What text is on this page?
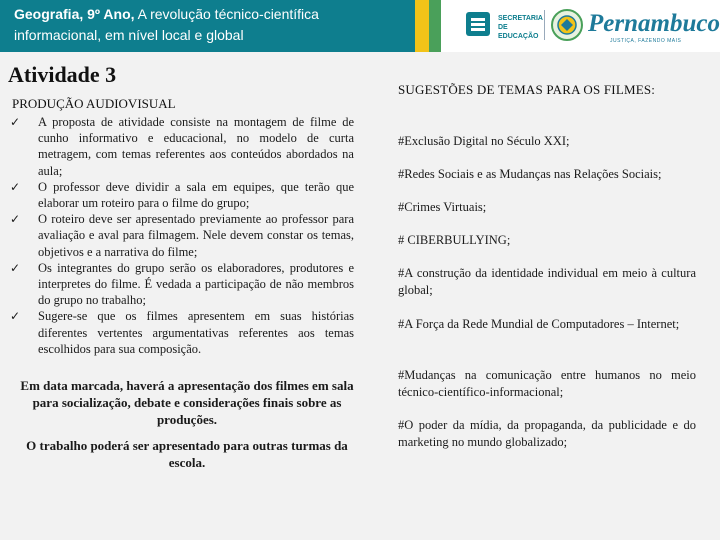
Geografia, 9º Ano, A revolução técnico-científica informacional, em nível local e global
SECRETARIA DE EDUCAÇÃO	Pernambuco
JUSTIÇA, FAZENDO MAIS
Atividade 3
PRODUÇÃO AUDIOVISUAL
✓ A proposta de atividade consiste na montagem de filme de cunho informativo e educacional, no modelo de curta metragem, com temas referentes aos conteúdos abordados na aula;
✓ O professor deve dividir a sala em equipes, que terão que elaborar um roteiro para o filme do grupo;
✓ O roteiro deve ser apresentado previamente ao professor para avaliação e aval para filmagem. Nele devem constar os temas, objetivos e a narrativa do filme;
✓ Os integrantes do grupo serão os elaboradores, produtores e interpretes do filme. É vedada a participação de não membros do grupo no trabalho;
✓ Sugere-se que os filmes apresentem em suas histórias diferentes vertentes argumentativas referentes aos temas escolhidos para sua composição.
Em data marcada, haverá a apresentação dos filmes em sala para socialização, debate e considerações finais sobre as produções.
O trabalho poderá ser apresentado para outras turmas da escola.
SUGESTÕES DE TEMAS PARA OS FILMES:
#Exclusão Digital no Século XXI;
#Redes Sociais e as Mudanças nas Relações Sociais;
#Crimes Virtuais;
# CIBERBULLYING;
#A construção da identidade individual em meio à cultura global;
#A Força da Rede Mundial de Computadores – Internet;
#Mudanças na comunicação entre humanos no meio técnico-científico-informacional;
#O poder da mídia, da propaganda, da publicidade e do marketing no mundo globalizado;
